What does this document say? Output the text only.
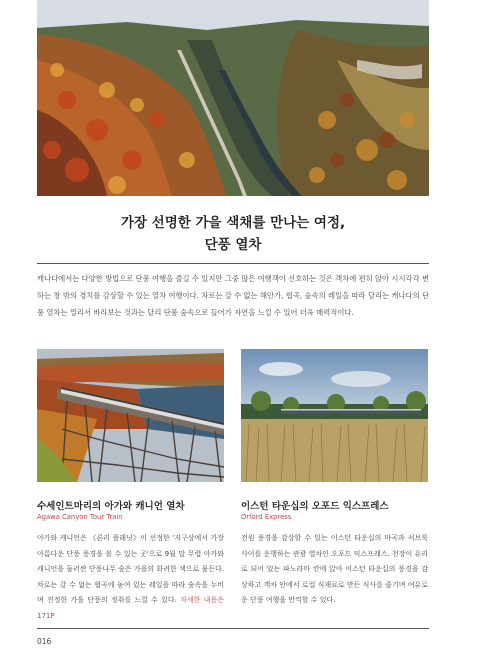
가장 선명한 가을 색채를 만나는 여정,
단풍 열차
캐나다에서는 다양한 방법으로 단풍 여행을 즐길 수 있지만 그중 많은 여행객이 선호하는 것은 객차에 편히 앉아 시시각각 변하는 창 밖의 경치를 감상할 수 있는 열차 여행이다. 차로는 갈 수 없는 해안가, 협곡, 숲속의 레일을 따라 달리는 캐나다의 단풍 열차는 멀리서 바라보는 것과는 달리 단풍 숲속으로 들어가 자연을 느낄 수 있어 더욱 매력적이다.
수세인트마리의 아가와 캐니언 열차
Agawa Canyon Tour Train
아가와 캐니언은 《론리 플래닛》이 선정한 '지구상에서 가장 아름다운 단풍 풍경을 볼 수 있는 곳'으로 9월 말 무렵 아가와 캐니언을 둘러싼 단풍나무 숲은 가을의 화려한 색으로 물든다. 차로는 갈 수 없는 협곡에 놓여 있는 레일을 따라 숲속을 누비며 진정한 가을 단풍의 정취를 느낄 수 있다. 자세한 내용은 171P
이스턴 타운십의 오포드 익스프레스
Orford Express
전원 풍경을 감상할 수 있는 이스턴 타운십의 마곡과 셔브룩 사이를 운행하는 관광 열차인 오포드 익스프레스. 천장이 유리로 되어 있는 파노라마 칸에 앉아 이스턴 타운십의 풍경을 감상하고 객차 안에서 로컬 식재료로 만든 식사를 즐기며 여유로운 단풍 여행을 만끽할 수 있다.
016
